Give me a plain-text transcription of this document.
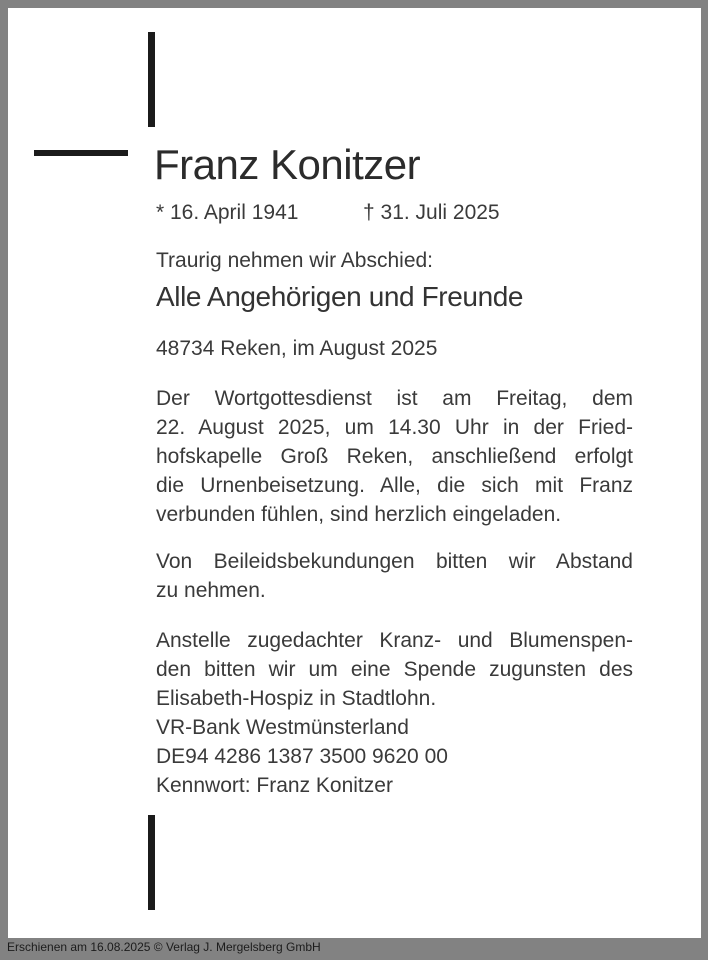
Franz Konitzer
* 16. April 1941	† 31. Juli 2025
Traurig nehmen wir Abschied:
Alle Angehörigen und Freunde
48734 Reken, im August 2025
Der Wortgottesdienst ist am Freitag, dem
22. August 2025, um 14.30 Uhr in der Fried-
hofskapelle Groß Reken, anschließend erfolgt
die Urnenbeisetzung. Alle, die sich mit Franz
verbunden fühlen, sind herzlich eingeladen.
Von Beileidsbekundungen bitten wir Abstand
zu nehmen.
Anstelle zugedachter Kranz- und Blumenspen-
den bitten wir um eine Spende zugunsten des
Elisabeth-Hospiz in Stadtlohn.
VR-Bank Westmünsterland
DE94 4286 1387 3500 9620 00
Kennwort: Franz Konitzer
Erschienen am 16.08.2025 © Verlag J. Mergelsberg GmbH
